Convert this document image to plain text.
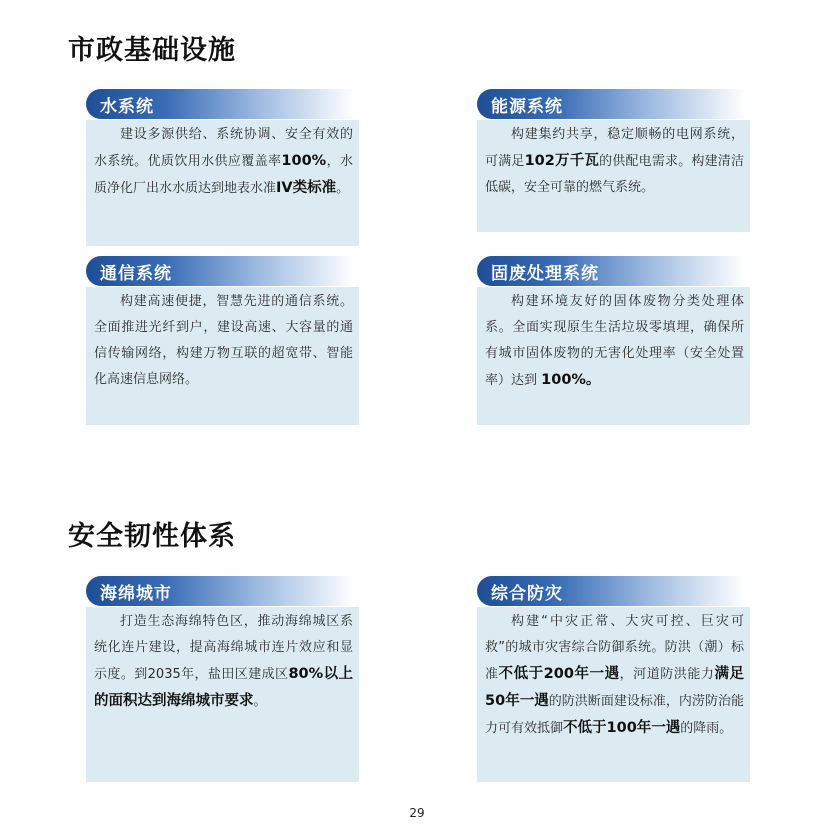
市政基础设施
水系统

建设多源供给、系统协调、安全有效的水系统。优质饮用水供应覆盖率100%，水质净化厂出水水质达到地表水准IV类标准。

能源系统

构建集约共享，稳定顺畅的电网系统，可满足102万千瓦的供配电需求。构建清洁低碳，安全可靠的燃气系统。

通信系统

构建高速便捷，智慧先进的通信系统。全面推进光纤到户，建设高速、大容量的通信传输网络，构建万物互联的超宽带、智能化高速信息网络。

固废处理系统

构建环境友好的固体废物分类处理体系。全面实现原生生活垃圾零填埋，确保所有城市固体废物的无害化处理率（安全处置率）达到 100%。

安全韧性体系
海绵城市

打造生态海绵特色区，推动海绵城区系统化连片建设，提高海绵城市连片效应和显示度。到2035年，盐田区建成区80%以上的面积达到海绵城市要求。

综合防灾

构建“中灾正常、大灾可控、巨灾可救”的城市灾害综合防御系统。防洪（潮）标准不低于200年一遇，河道防洪能力满足50年一遇的防洪断面建设标准，内涝防治能力可有效抵御不低于100年一遇的降雨。

29
